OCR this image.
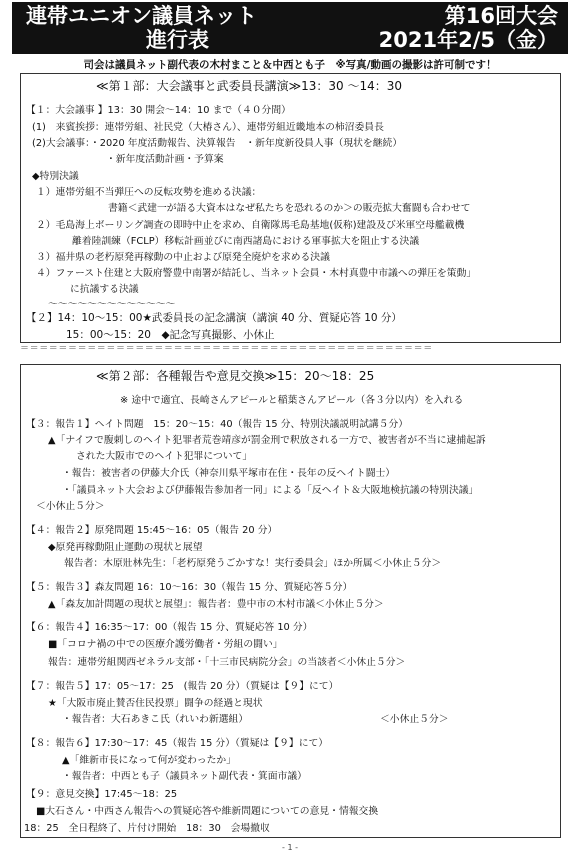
連帯ユニオン議員ネット	第16回大会
進行表	2021年2/5（金）
司会は議員ネット副代表の木村まこと＆中西とも子　※写真/動画の撮影は許可制です！
≪第１部：大会議事と武委員長講演≫13：30 ～14：30
【１：大会議事 】13：30 開会～14：10 まで（４０分間）
(1)　来賓挨拶：連帯労組、社民党（大椿さん）、連帯労組近畿地本の柿沼委員長
(2)大会議事：・2020 年度活動報告、決算報告　・新年度新役員人事（現状を継続）
・新年度活動計画・予算案
◆特別決議
１）連帯労組不当弾圧への反転攻勢を進める決議：
書籍＜武建一が語る大資本はなぜ私たちを恐れるのか＞の販売拡大奮闘も合わせて
２）毛島海上ボーリング調査の即時中止を求め、自衛隊馬毛島基地(仮称)建設及び米軍空母艦載機
離着陸訓練（FCLP）移転計画並びに南西諸島における軍事拡大を阻止する決議
３）福井県の老朽原発再稼動の中止および原発全廃炉を求める決議
４）ファースト住建と大阪府警豊中南署が結託し、当ネット会員・木村真豊中市議への弾圧を策動」
に抗議する決議
～～～～～～～～～～～～～
【２】14：10～15：00★武委員長の記念講演（講演 40 分、質疑応答 10 分）
15：00～15：20　◆記念写真撮影、小休止
＝＝＝＝＝＝＝＝＝＝＝＝＝＝＝＝＝＝＝＝＝＝＝＝＝＝＝＝＝＝＝＝＝＝＝＝＝＝＝＝＝＝＝
≪第２部：各種報告や意見交換≫15：20～18：25
※ 途中で適宜、長崎さんアピールと稲葉さんアピール（各３分以内）を入れる
【３：報告１】ヘイト問題　15：20～15：40（報告 15 分、特別決議説明試講５分）
▲「ナイフで腹刺しのヘイト犯罪者荒巻靖彦が罰金刑で釈放される一方で、被害者が不当に逮捕起訴
された大阪市でのヘイト犯罪について」
・報告：被害者の伊藤大介氏（神奈川県平塚市在住・長年の反ヘイト闘士）
・「議員ネット大会および伊藤報告参加者一同」による「反ヘイト＆大阪地検抗議の特別決議」
＜小休止５分＞
【４：報告２】原発問題 15:45～16：05（報告 20 分）
◆原発再稼動阻止運動の現状と展望
報告者：木原壯林先生：「老朽原発うごかすな！実行委員会」ほか所属＜小休止５分＞
【５：報告３】森友問題 16：10～16：30（報告 15 分、質疑応答５分）
▲「森友加計問題の現状と展望」：報告者：豊中市の木村市議＜小休止５分＞
【６：報告４】16:35～17：00（報告 15 分、質疑応答 10 分）
■「コロナ禍の中での医療介護労働者・労組の闘い」
報告：連帯労組関西ゼネラル支部・「十三市民病院分会」の当該者＜小休止５分＞
【７：報告５】17：05～17：25　(報告 20 分）（質疑は【９】にて）
★「大阪市廃止賛否住民投票」闘争の経過と現状
・報告者：大石あきこ氏（れいわ新選組）	＜小休止５分＞
【８：報告６】17:30～17：45（報告 15 分）（質疑は【９】にて）
▲「維新市長になって何が変わったか」
・報告者：中西とも子（議員ネット副代表・箕面市議）
【９：意見交換】17:45～18：25
■大石さん・中西さん報告への質疑応答や維新問題についての意見・情報交換
18：25　全日程終了、片付け開始　18：30　会場撤収
- 1 -
